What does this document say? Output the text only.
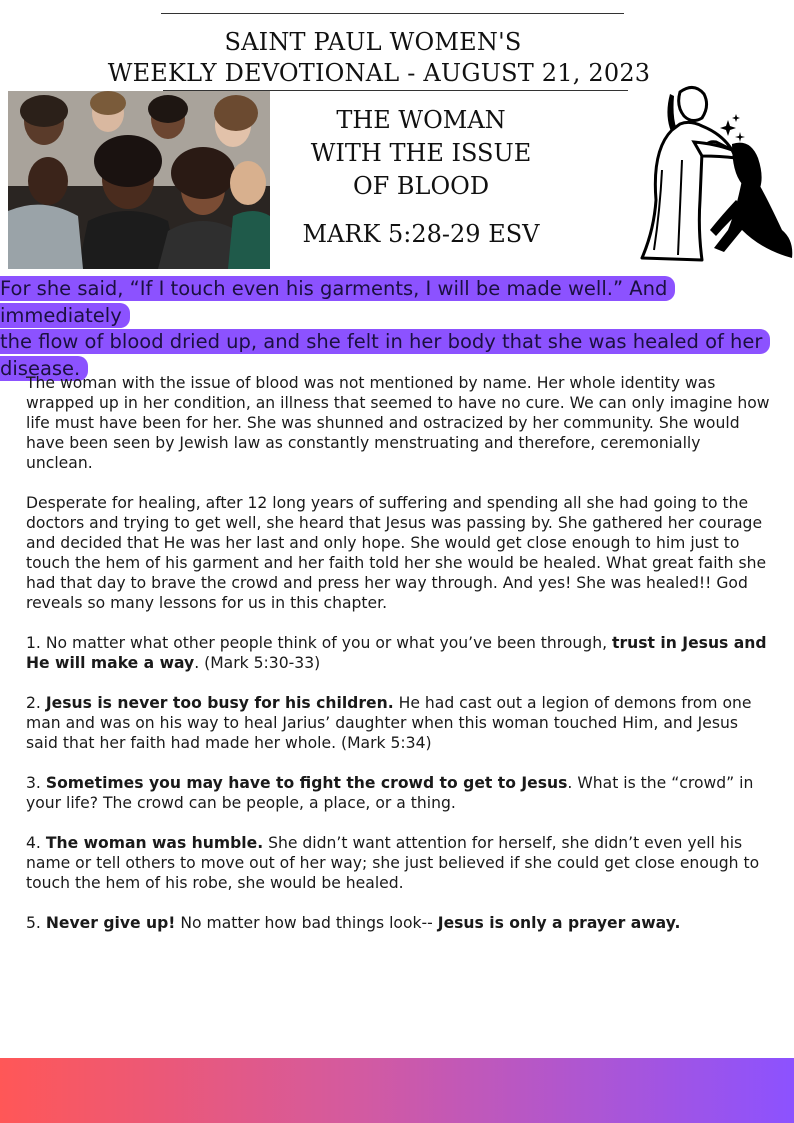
SAINT PAUL WOMEN'S
WEEKLY DEVOTIONAL - AUGUST 21, 2023
THE WOMAN
WITH THE ISSUE
OF BLOOD
MARK 5:28-29 ESV
For she said, “If I touch even his garments, I will be made well.” And immediately
the flow of blood dried up, and she felt in her body that she was healed of her
disease.

The woman with the issue of blood was not mentioned by name. Her whole identity was wrapped up in her condition, an illness that seemed to have no cure. We can only imagine how life must have been for her. She was shunned and ostracized by her community. She would have been seen by Jewish law as constantly menstruating and therefore, ceremonially unclean.

Desperate for healing, after 12 long years of suffering and spending all she had going to the doctors and trying to get well, she heard that Jesus was passing by. She gathered her courage and decided that He was her last and only hope. She would get close enough to him just to touch the hem of his garment and her faith told her she would be healed. What great faith she had that day to brave the crowd and press her way through. And yes! She was healed!! God reveals so many lessons for us in this chapter.

1. No matter what other people think of you or what you’ve been through, trust in Jesus and He will make a way. (Mark 5:30-33)

2. Jesus is never too busy for his children. He had cast out a legion of demons from one man and was on his way to heal Jarius’ daughter when this woman touched Him, and Jesus said that her faith had made her whole. (Mark 5:34)

3. Sometimes you may have to fight the crowd to get to Jesus. What is the “crowd” in your life? The crowd can be people, a place, or a thing.

4. The woman was humble. She didn’t want attention for herself, she didn’t even yell his name or tell others to move out of her way; she just believed if she could get close enough to touch the hem of his robe, she would be healed.

5. Never give up! No matter how bad things look-- Jesus is only a prayer away.
